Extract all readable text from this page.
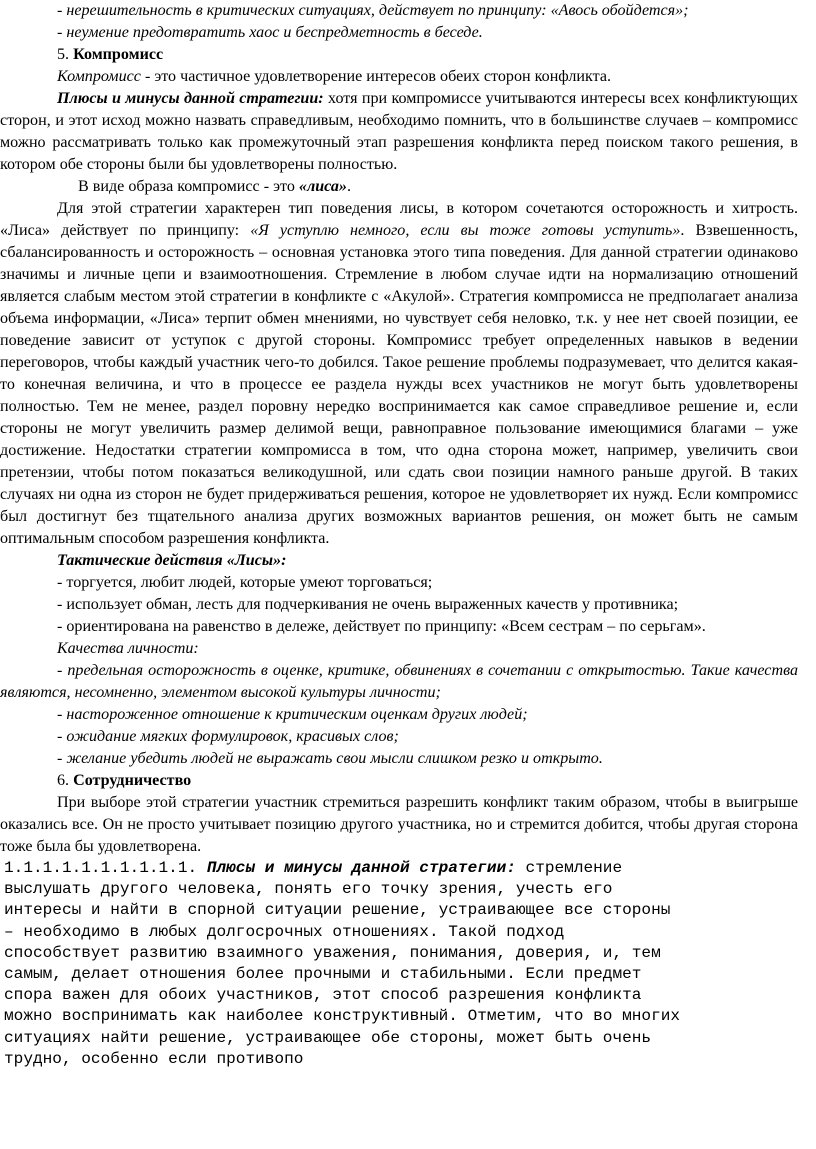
- нерешительность в критических ситуациях, действует по принципу: «Авось обойдется»;

- неумение предотвратить хаос и беспредметность в беседе.

5. Компромисс

Компромисс - это частичное удовлетворение интересов обеих сторон конфликта.

Плюсы и минусы данной стратегии: хотя при компромиссе учитываются интересы всех конфликтующих сторон, и этот исход можно назвать справедливым, необходимо помнить, что в большинстве случаев – компромисс можно рассматривать только как промежуточный этап разрешения конфликта перед поиском такого решения, в котором обе стороны были бы удовлетворены полностью.

В виде образа компромисс - это «лиса».

Для этой стратегии характерен тип поведения лисы, в котором сочетаются осторожность и хитрость. «Лиса» действует по принципу: «Я уступлю немного, если вы тоже готовы уступить». Взвешенность, сбалансированность и осторожность – основная установка этого типа поведения. Для данной стратегии одинаково значимы и личные цепи и взаимоотношения. Стремление в любом случае идти на нормализацию отношений является слабым местом этой стратегии в конфликте с «Акулой». Стратегия компромисса не предполагает анализа объема информации, «Лиса» терпит обмен мнениями, но чувствует себя неловко, т.к. у нее нет своей позиции, ее поведение зависит от уступок с другой стороны. Компромисс требует определенных навыков в ведении переговоров, чтобы каждый участник чего-то добился. Такое решение проблемы подразумевает, что делится какая-то конечная величина, и что в процессе ее раздела нужды всех участников не могут быть удовлетворены полностью. Тем не менее, раздел поровну нередко воспринимается как самое справедливое решение и, если стороны не могут увеличить размер делимой вещи, равноправное пользование имеющимися благами – уже достижение. Недостатки стратегии компромисса в том, что одна сторона может, например, увеличить свои претензии, чтобы потом показаться великодушной, или сдать свои позиции намного раньше другой. В таких случаях ни одна из сторон не будет придерживаться решения, которое не удовлетворяет их нужд. Если компромисс был достигнут без тщательного анализа других возможных вариантов решения, он может быть не самым оптимальным способом разрешения конфликта.

Тактические действия «Лисы»:

- торгуется, любит людей, которые умеют торговаться;

- использует обман, лесть для подчеркивания не очень выраженных качеств у противника;

- ориентирована на равенство в дележе, действует по принципу: «Всем сестрам – по серьгам».

Качества личности:

- предельная осторожность в оценке, критике, обвинениях в сочетании с открытостью. Такие качества являются, несомненно, элементом высокой культуры личности;

- настороженное отношение к критическим оценкам других людей;

- ожидание мягких формулировок, красивых слов;

- желание убедить людей не выражать свои мысли слишком резко и открыто.

6. Сотрудничество

При выборе этой стратегии участник стремиться разрешить конфликт таким образом, чтобы в выигрыше оказались все. Он не просто учитывает позицию другого участника, но и стремится добится, чтобы другая сторона тоже была бы удовлетворена.

1.1.1.1.1.1.1.1.1.1. Плюсы и минусы данной стратегии: стремление
выслушать другого человека, понять его точку зрения, учесть его
интересы и найти в спорной ситуации решение, устраивающее все стороны
– необходимо в любых долгосрочных отношениях. Такой подход
способствует развитию взаимного уважения, понимания, доверия, и, тем
самым, делает отношения более прочными и стабильными. Если предмет
спора важен для обоих участников, этот способ разрешения конфликта
можно воспринимать как наиболее конструктивный. Отметим, что во многих
ситуациях найти решение, устраивающее обе стороны, может быть очень
трудно, особенно если противопо
